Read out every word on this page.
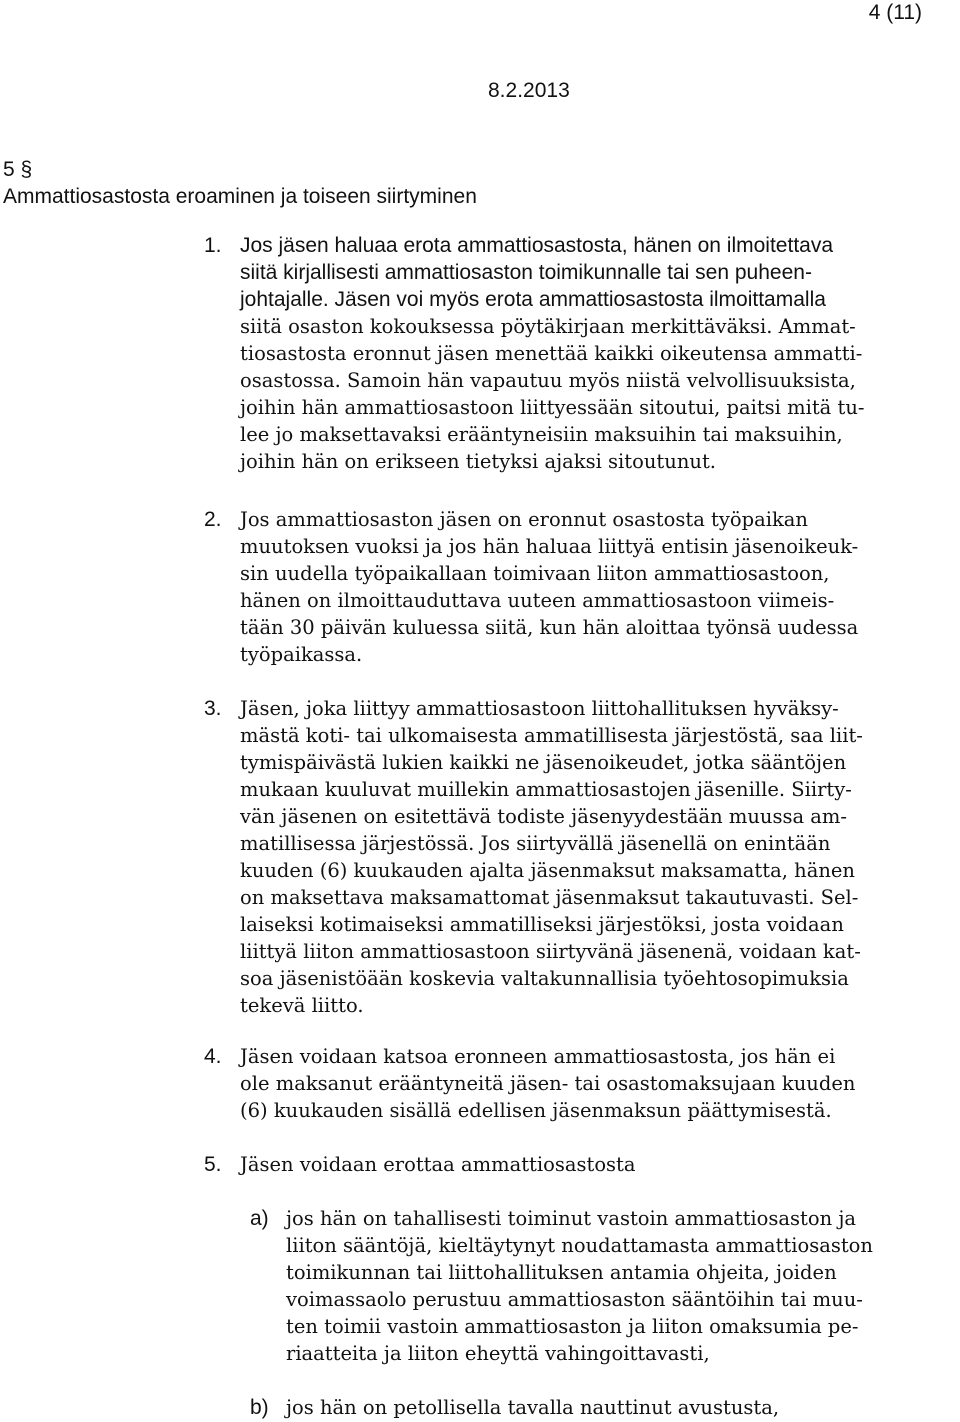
4 (11)
8.2.2013
5 §
Ammattiosastosta eroaminen ja toiseen siirtyminen
1. Jos jäsen haluaa erota ammattiosastosta, hänen on ilmoitettava
siitä kirjallisesti ammattiosaston toimikunnalle tai sen puheen-
johtajalle. Jäsen voi myös erota ammattiosastosta ilmoittamalla
siitä osaston kokouksessa pöytäkirjaan merkittäväksi. Ammat-
tiosastosta eronnut jäsen menettää kaikki oikeutensa ammatti-
osastossa. Samoin hän vapautuu myös niistä velvollisuuksista,
joihin hän ammattiosastoon liittyessään sitoutui, paitsi mitä tu-
lee jo maksettavaksi erääntyneisiin maksuihin tai maksuihin,
joihin hän on erikseen tietyksi ajaksi sitoutunut.
2. Jos ammattiosaston jäsen on eronnut osastosta työpaikan
muutoksen vuoksi ja jos hän haluaa liittyä entisin jäsenoikeuk-
sin uudella työpaikallaan toimivaan liiton ammattiosastoon,
hänen on ilmoittauduttava uuteen ammattiosastoon viimeis-
tään 30 päivän kuluessa siitä, kun hän aloittaa työnsä uudessa
työpaikassa.
3. Jäsen, joka liittyy ammattiosastoon liittohallituksen hyväksy-
mästä koti- tai ulkomaisesta ammatillisesta järjestöstä, saa liit-
tymispäivästä lukien kaikki ne jäsenoikeudet, jotka sääntöjen
mukaan kuuluvat muillekin ammattiosastojen jäsenille. Siirty-
vän jäsenen on esitettävä todiste jäsenyydestään muussa am-
matillisessa järjestössä. Jos siirtyvällä jäsenellä on enintään
kuuden (6) kuukauden ajalta jäsenmaksut maksamatta, hänen
on maksettava maksamattomat jäsenmaksut takautuvasti. Sel-
laiseksi kotimaiseksi ammatilliseksi järjestöksi, josta voidaan
liittyä liiton ammattiosastoon siirtyvänä jäsenenä, voidaan kat-
soa jäsenistöään koskevia valtakunnallisia työehtosopimuksia
tekevä liitto.
4. Jäsen voidaan katsoa eronneen ammattiosastosta, jos hän ei
ole maksanut erääntyneitä jäsen- tai osastomaksujaan kuuden
(6) kuukauden sisällä edellisen jäsenmaksun päättymisestä.
5. Jäsen voidaan erottaa ammattiosastosta
a) jos hän on tahallisesti toiminut vastoin ammattiosaston ja
liiton sääntöjä, kieltäytynyt noudattamasta ammattiosaston
toimikunnan tai liittohallituksen antamia ohjeita, joiden
voimassaolo perustuu ammattiosaston sääntöihin tai muu-
ten toimii vastoin ammattiosaston ja liiton omaksumia pe-
riaatteita ja liiton eheyttä vahingoittavasti,
b) jos hän on petollisella tavalla nauttinut avustusta,
